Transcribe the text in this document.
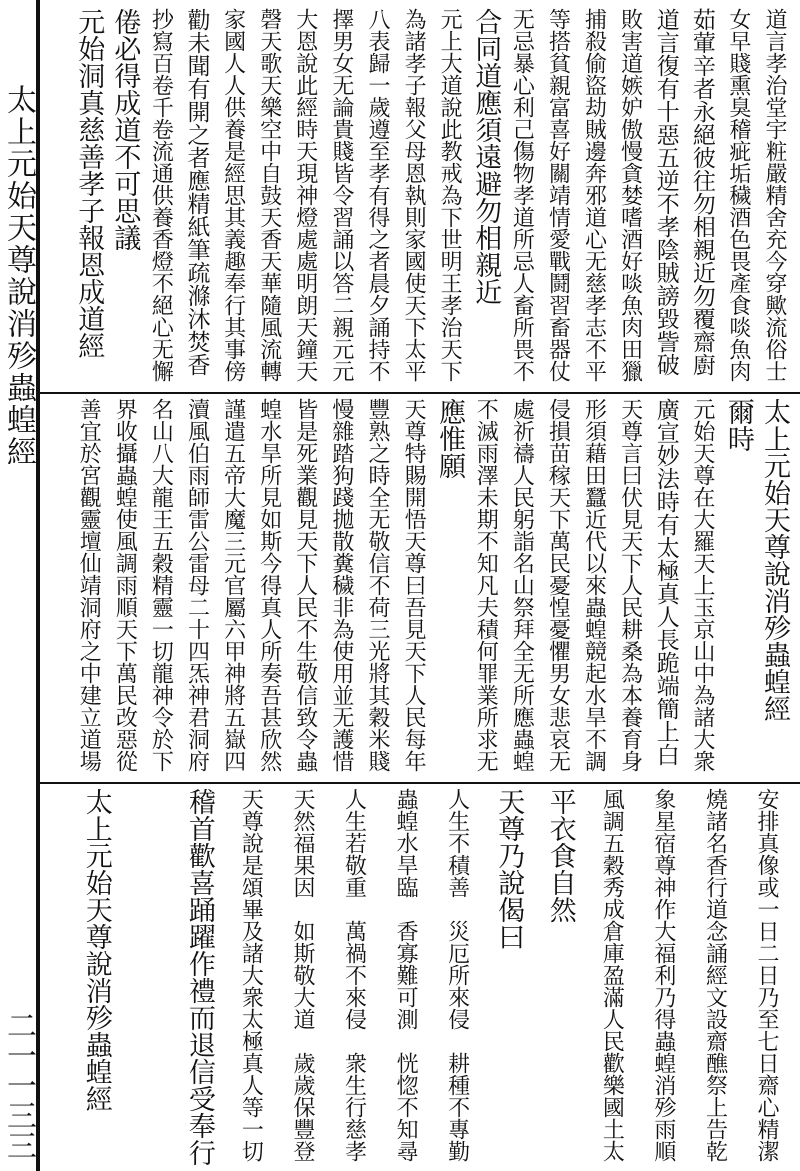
太上元始天尊說消殄蟲蝗經
二一一三三
道言孝治堂宇粧嚴精舍充今穿歟流俗士
女早賤熏臭稽疵垢穢酒色畏產食啖魚肉
茹葷辛者永絕彼往勿相親近勿覆齋廚
道言復有十惡五逆不孝陰賊謗毀訾破
敗害道嫉妒傲慢貪婪嗜酒好啖魚肉田獵
捕殺偷盜劫賊邊奔邪道心无慈孝志不平
等搭貧親富喜好關靖情愛戰鬪習畜器仗
无忌暴心利己傷物孝道所忌人畜所畏不
合同道應須遠避勿相親近
元上大道說此教戒為下世明王孝治天下
為諸孝子報父母恩執則家國使天下太平
八表歸一歲遵至孝有得之者晨夕誦持不
擇男女无論貴賤皆令習誦以答二親元元
大恩說此經時天現神燈處處明朗天鐘天
磬天歌天樂空中自鼓天香天華隨風流轉
家國人人供養是經思其義趣奉行其事傍
勸未聞有開之者應精紙筆疏滌沐焚香
抄寫百卷千卷流通供養香燈不絕心无懈
倦必得成道不可思議
元始洞真慈善孝子報恩成道經
太上元始天尊說消殄蟲蝗經
爾時
元始天尊在大羅天上玉京山中為諸大衆
廣宣妙法時有太極真人長跪端簡上白
天尊言曰伏見天下人民耕桑為本養育身
形須藉田蠶近代以來蟲蝗競起水旱不調
侵損苗稼天下萬民憂惶憂懼男女悲哀无
處祈禱人民躬詣名山祭拜全无所應蟲蝗
不滅雨澤未期不知凡夫積何罪業所求无
應惟願
天尊特賜開悟天尊曰吾見天下人民每年
豐熟之時全无敬信不荷三光將其穀米賤
慢雜踏狗踐拋散糞穢非為使用並无護惜
皆是死業觀見天下人民不生敬信致令蟲
蝗水旱所見如斯今得真人所奏吾甚欣然
謹遣五帝大魔三元官屬六甲神將五嶽四
瀆風伯雨師雷公雷母二十四炁神君洞府
名山八大龍王五穀精靈一切龍神令於下
界收攝蟲蝗使風調雨順天下萬民改惡從
善宜於宮觀靈壇仙靖洞府之中建立道場
安排真像或一日二日乃至七日齋心精潔
燒諸名香行道念誦經文設齋醮祭上告乾
象星宿尊神作大福利乃得蟲蝗消殄雨順
風調五穀秀成倉庫盈滿人民歡樂國土太
平衣食自然
天尊乃說偈曰
人生不積善　災厄所來侵　耕種不專勤
蟲蝗水旱臨　香寡難可測　恍惚不知尋
人生若敬重　萬禍不來侵　衆生行慈孝
天然福果因　如斯敬大道　歲歲保豐登
天尊說是頌畢及諸大衆太極真人等一切
稽首歡喜踊躍作禮而退信受奉行
太上元始天尊說消殄蟲蝗經
